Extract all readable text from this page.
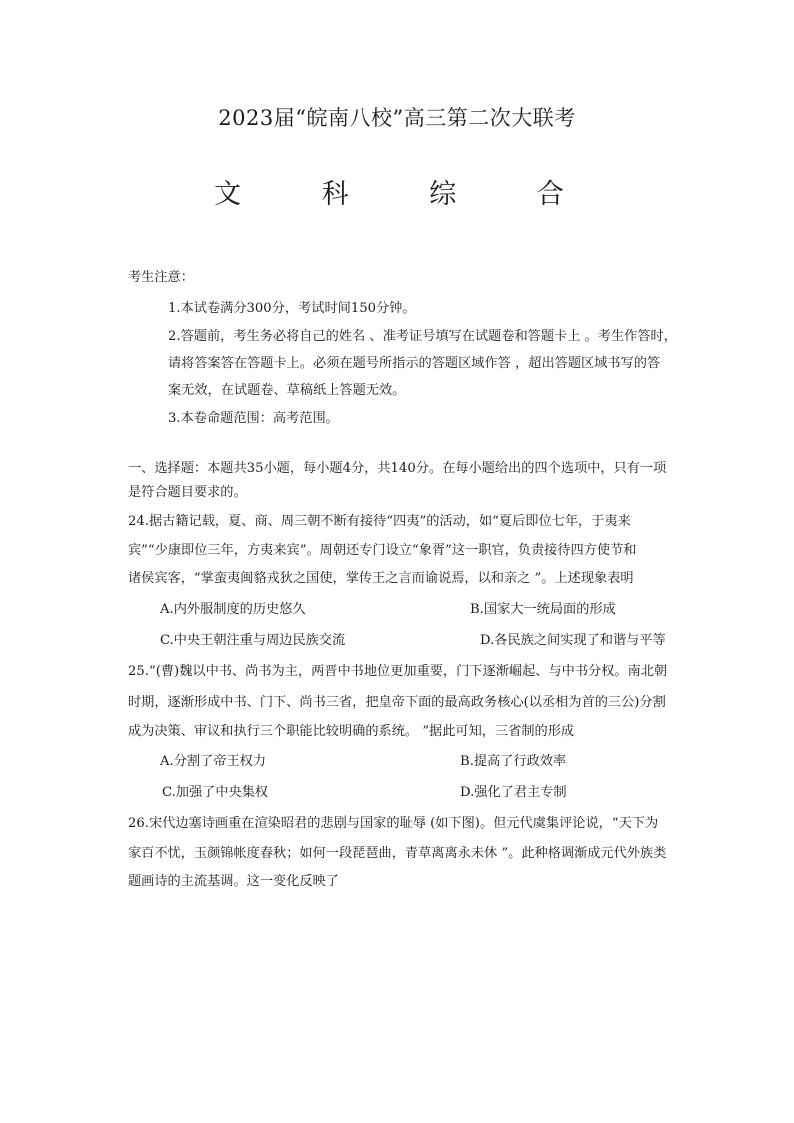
2023届“皖南八校”高三第二次大联考
文 科 综 合
考生注意：
1.本试卷满分300分，考试时间150分钟。
2.答题前，考生务必将自己的姓名 、准考证号填写在试题卷和答题卡上 。考生作答时，
请将答案答在答题卡上。必须在题号所指示的答题区域作答 ，超出答题区域书写的答
案无效，在试题卷、草稿纸上答题无效。
3.本卷命题范围：高考范围。
一、选择题：本题共35小题，每小题4分，共140分。在每小题给出的四个选项中，只有一项
是符合题目要求的。
24.据古籍记载，夏、商、周三朝不断有接待“四夷”的活动，如“夏后即位七年，于夷来
宾”“少康即位三年，方夷来宾”。周朝还专门设立“象胥”这一职官，负责接待四方使节和
诸侯宾客，“掌蛮夷闽貉戎狄之国使，掌传王之言而谕说焉，以和亲之 ”。上述现象表明
A.内外服制度的历史悠久	B.国家大一统局面的形成
C.中央王朝注重与周边民族交流	D.各民族之间实现了和谐与平等
25.“(曹)魏以中书、尚书为主，两晋中书地位更加重要，门下逐渐崛起、与中书分权。南北朝
时期，逐渐形成中书、门下、尚书三省，把皇帝下面的最高政务核心(以丞相为首的三公)分割
成为决策、审议和执行三个职能比较明确的系统。 ”据此可知，三省制的形成
A.分割了帝王权力	B.提高了行政效率
C.加强了中央集权	D.强化了君主专制
26.宋代边塞诗画重在渲染昭君的悲剧与国家的耻辱 (如下图)。但元代虞集评论说，“天下为
家百不忧，玉颜锦帐度春秋；如何一段琵琶曲，青草离离永未休 ”。此种格调渐成元代外族类
题画诗的主流基调。这一变化反映了
